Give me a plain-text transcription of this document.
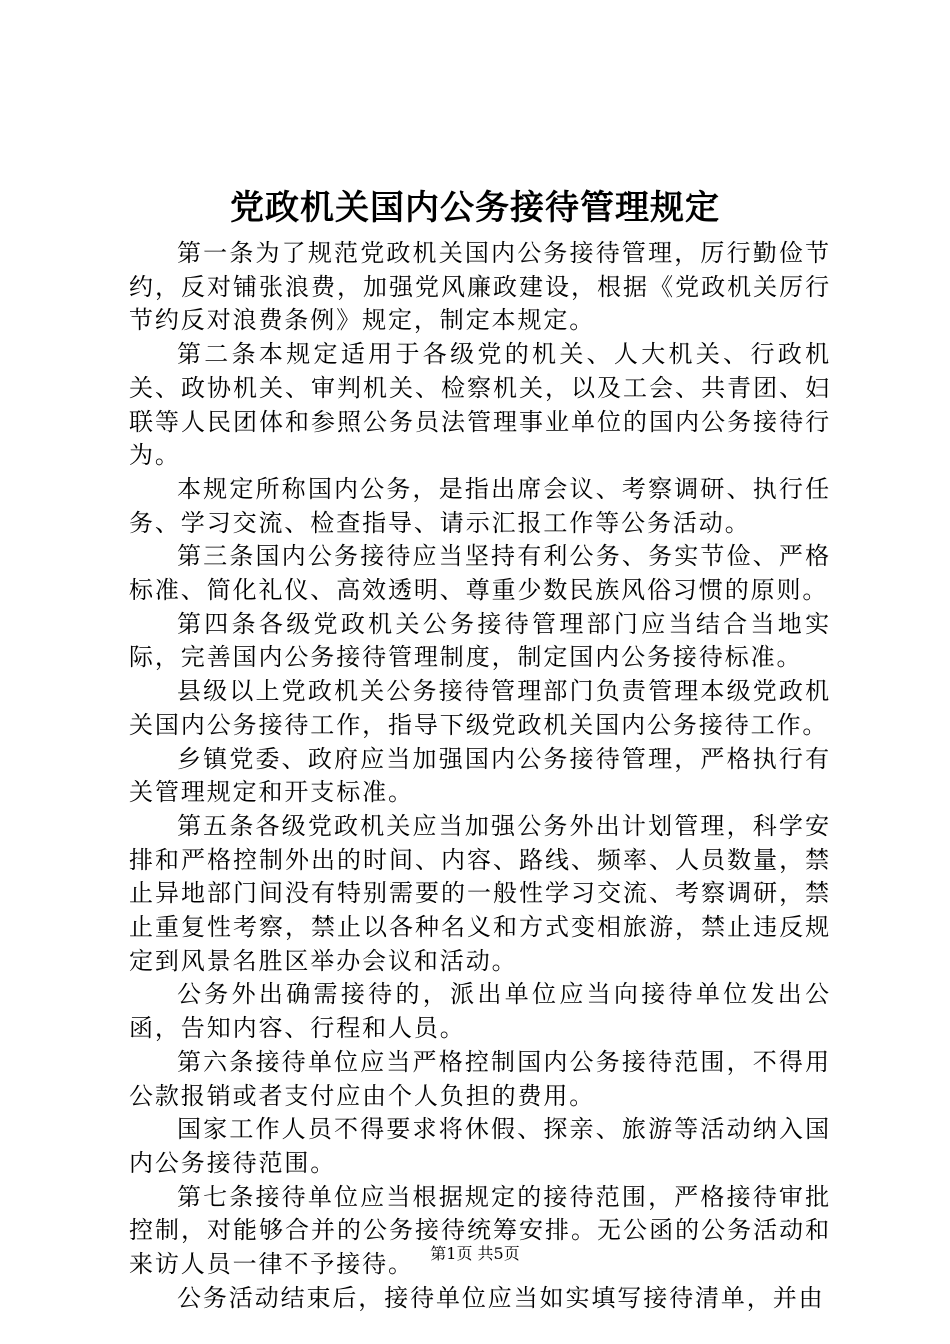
党政机关国内公务接待管理规定

第一条为了规范党政机关国内公务接待管理，厉行勤俭节约，反对铺张浪费，加强党风廉政建设，根据《党政机关厉行节约反对浪费条例》规定，制定本规定。

第二条本规定适用于各级党的机关、人大机关、行政机关、政协机关、审判机关、检察机关，以及工会、共青团、妇联等人民团体和参照公务员法管理事业单位的国内公务接待行为。

本规定所称国内公务，是指出席会议、考察调研、执行任务、学习交流、检查指导、请示汇报工作等公务活动。

第三条国内公务接待应当坚持有利公务、务实节俭、严格标准、简化礼仪、高效透明、尊重少数民族风俗习惯的原则。

第四条各级党政机关公务接待管理部门应当结合当地实际，完善国内公务接待管理制度，制定国内公务接待标准。

县级以上党政机关公务接待管理部门负责管理本级党政机关国内公务接待工作，指导下级党政机关国内公务接待工作。

乡镇党委、政府应当加强国内公务接待管理，严格执行有关管理规定和开支标准。

第五条各级党政机关应当加强公务外出计划管理，科学安排和严格控制外出的时间、内容、路线、频率、人员数量，禁止异地部门间没有特别需要的一般性学习交流、考察调研，禁止重复性考察，禁止以各种名义和方式变相旅游，禁止违反规定到风景名胜区举办会议和活动。

公务外出确需接待的，派出单位应当向接待单位发出公函，告知内容、行程和人员。

第六条接待单位应当严格控制国内公务接待范围，不得用公款报销或者支付应由个人负担的费用。

国家工作人员不得要求将休假、探亲、旅游等活动纳入国内公务接待范围。

第七条接待单位应当根据规定的接待范围，严格接待审批控制，对能够合并的公务接待统筹安排。无公函的公务活动和来访人员一律不予接待。

公务活动结束后，接待单位应当如实填写接待清单，并由

第1页 共5页
